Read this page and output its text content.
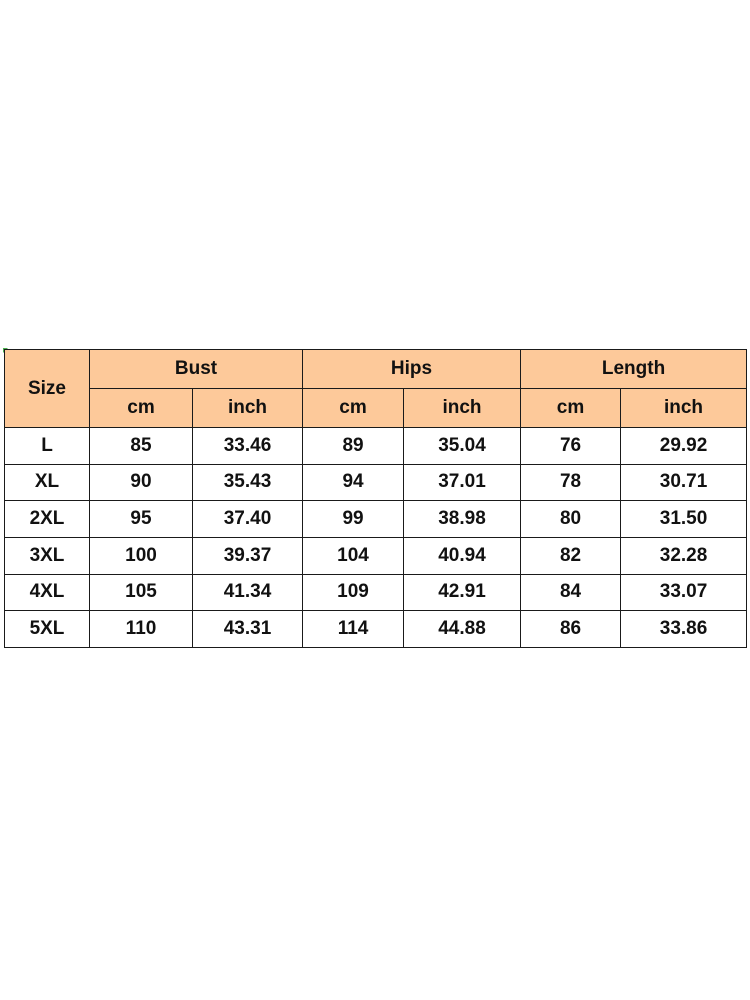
Size	Bust		Hips		Length	
	cm	inch	cm	inch	cm	inch
L	85	33.46	89	35.04	76	29.92
XL	90	35.43	94	37.01	78	30.71
2XL	95	37.40	99	38.98	80	31.50
3XL	100	39.37	104	40.94	82	32.28
4XL	105	41.34	109	42.91	84	33.07
5XL	110	43.31	114	44.88	86	33.86
